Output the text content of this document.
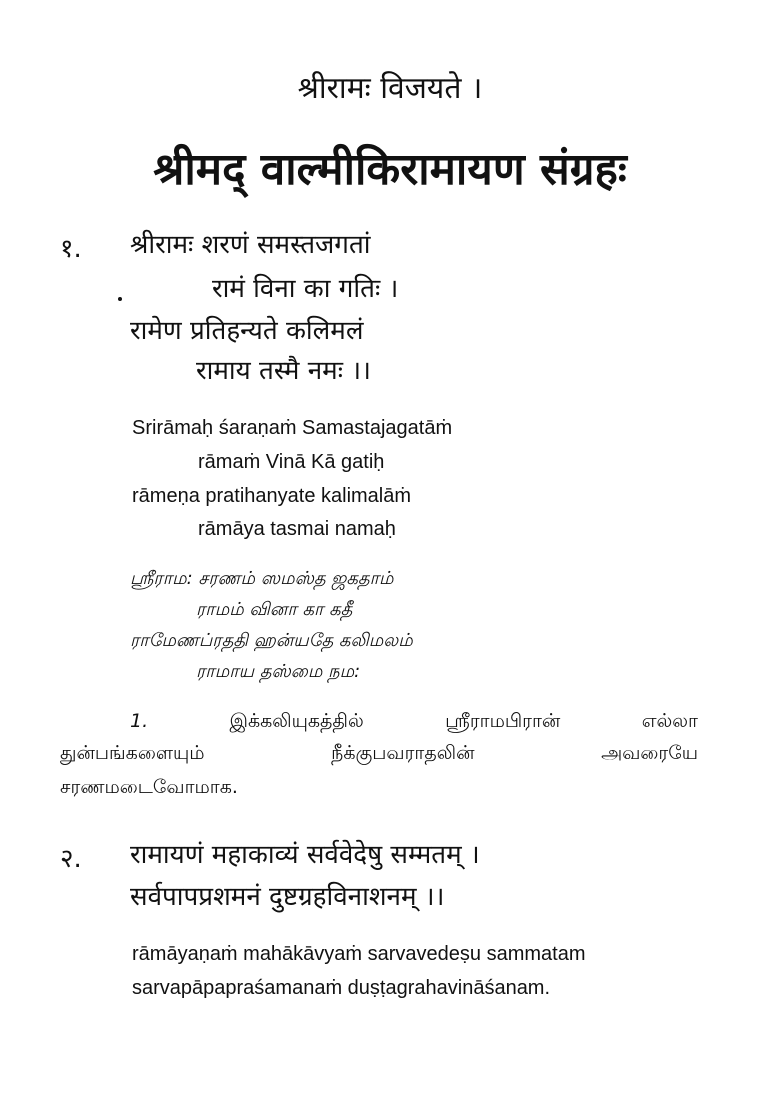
श्रीरामः विजयते ।
श्रीमद् वाल्मीकिरामायण संग्रहः
१. श्रीरामः शरणं समस्तजगतां
रामं विना का गतिः ।
रामेण प्रतिहन्यते कलिमलं
रामाय तस्मै नमः ।।
Srirāmaḥ śaraṇaṁ Samastajagatāṁ
rāmaṁ Vinā Kā gatiḥ
rāmeṇa pratihanyate kalimalāṁ
rāmāya tasmai namaḥ
ஸ்ரீராம: சரணம் ஸமஸ்த ஜகதாம்
ராமம் வினா கா கதீ
ராமேணப்ரததி ஹன்யதே கலிமலம்
ராமாய தஸ்மை நம:
1.	இக்கலியுகத்தில்	ஸ்ரீராமபிரான்	எல்லா
துன்பங்களையும்	நீக்குபவராதலின்	அவரையே
சரணமடைவோமாக.
२. रामायणं महाकाव्यं सर्ववेदेषु सम्मतम् ।
सर्वपापप्रशमनं दुष्टग्रहविनाशनम् ।।
rāmāyaṇaṁ mahākāvyaṁ sarvavedeṣu sammatam
sarvapāpapraśamanaṁ duṣṭagrahavināśanam.
